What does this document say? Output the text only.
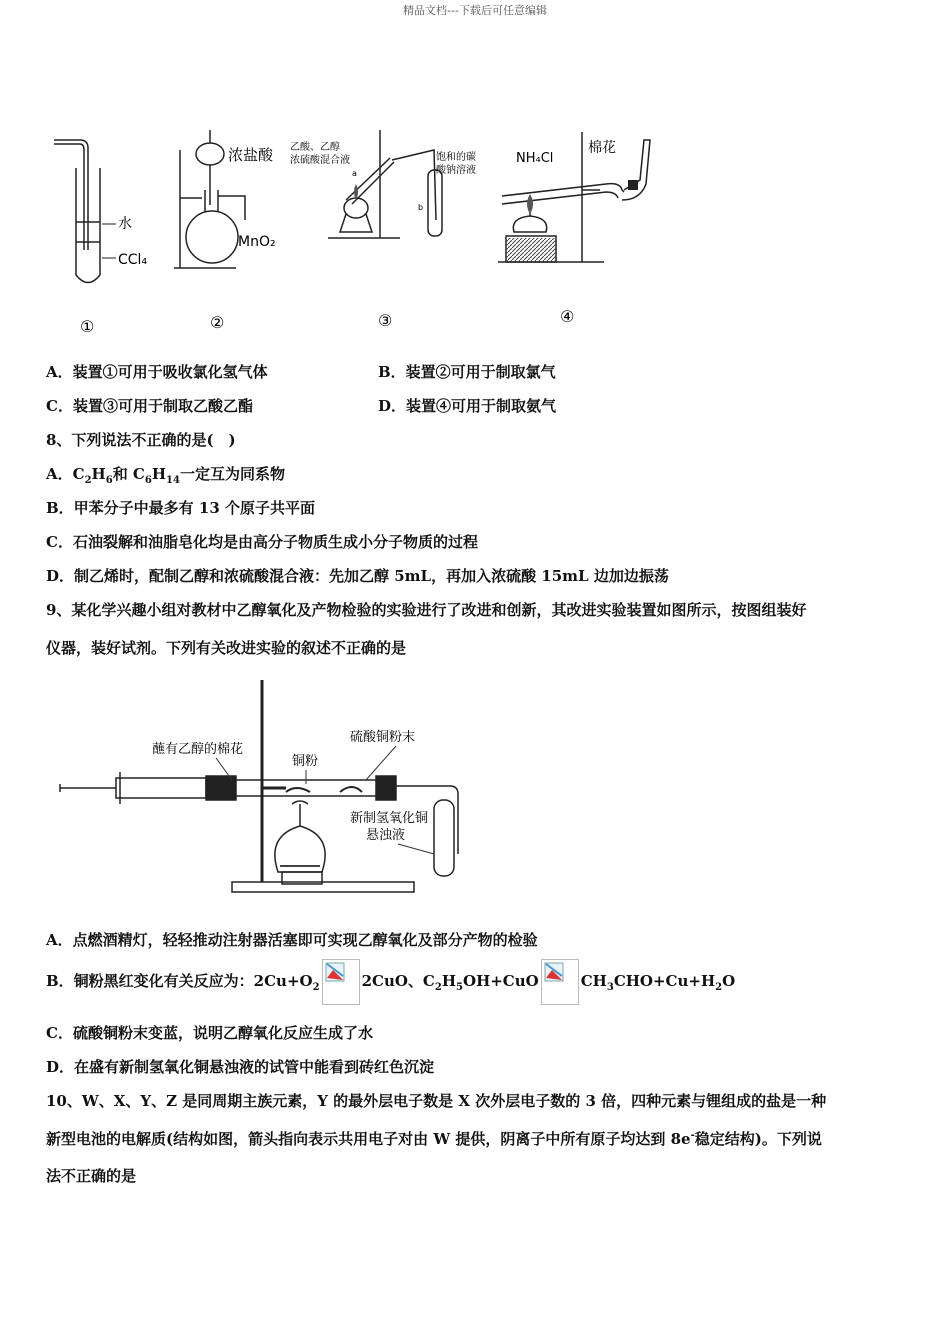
精品文档---下载后可任意编辑
水
CCl₄
浓盐酸
MnO₂
乙酸、乙醇
浓硫酸混合液	饱和的碳
酸钠溶液
a
b
NH₄Cl
棉花
①	②	③	④
A．装置①可用于吸收氯化氢气体	B．装置②可用于制取氯气
C．装置③可用于制取乙酸乙酯	D．装置④可用于制取氨气
8、下列说法不正确的是(　)
A．$C_2H_6$和 $C_6H_{14}$一定互为同系物
B．甲苯分子中最多有 13 个原子共平面
C．石油裂解和油脂皂化均是由高分子物质生成小分子物质的过程
D．制乙烯时，配制乙醇和浓硫酸混合液：先加乙醇 5mL，再加入浓硫酸 15mL 边加边振荡
9、某化学兴趣小组对教材中乙醇氧化及产物检验的实验进行了改进和创新，其改进实验装置如图所示，按图组装好
仪器，装好试剂。下列有关改进实验的叙述不正确的是
蘸有乙醇的棉花
铜粉
硫酸铜粉末
新制氢氧化铜
悬浊液
A．点燃酒精灯，轻轻推动注射器活塞即可实现乙醇氧化及部分产物的检验
B．铜粉黑红变化有关反应为：$2Cu+O_2$	2CuO、$C_2H_5OH+CuO$	$CH_3CHO+Cu+H_2O$
C．硫酸铜粉末变蓝，说明乙醇氧化反应生成了水
D．在盛有新制氢氧化铜悬浊液的试管中能看到砖红色沉淀
10、W、X、Y、Z 是同周期主族元素，Y 的最外层电子数是 X 次外层电子数的 3 倍，四种元素与锂组成的盐是一种
新型电池的电解质(结构如图，箭头指向表示共用电子对由 W 提供，阴离子中所有原子均达到 8e-稳定结构)。下列说
法不正确的是
